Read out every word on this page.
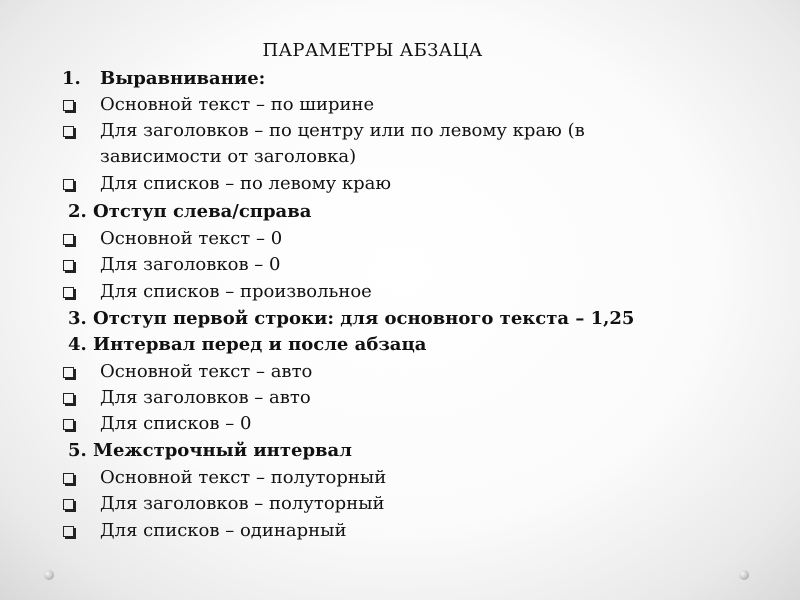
ПАРАМЕТРЫ АБЗАЦА
1. Выравнивание:
Основной текст – по ширине
Для заголовков – по центру или по левому краю (в
зависимости от заголовка)
Для списков – по левому краю
2. Отступ слева/справа
Основной текст – 0
Для заголовков – 0
Для списков – произвольное
3. Отступ первой строки: для основного текста – 1,25
4. Интервал перед и после абзаца
Основной текст – авто
Для заголовков – авто
Для списков – 0
5. Межстрочный интервал
Основной текст – полуторный
Для заголовков – полуторный
Для списков – одинарный
